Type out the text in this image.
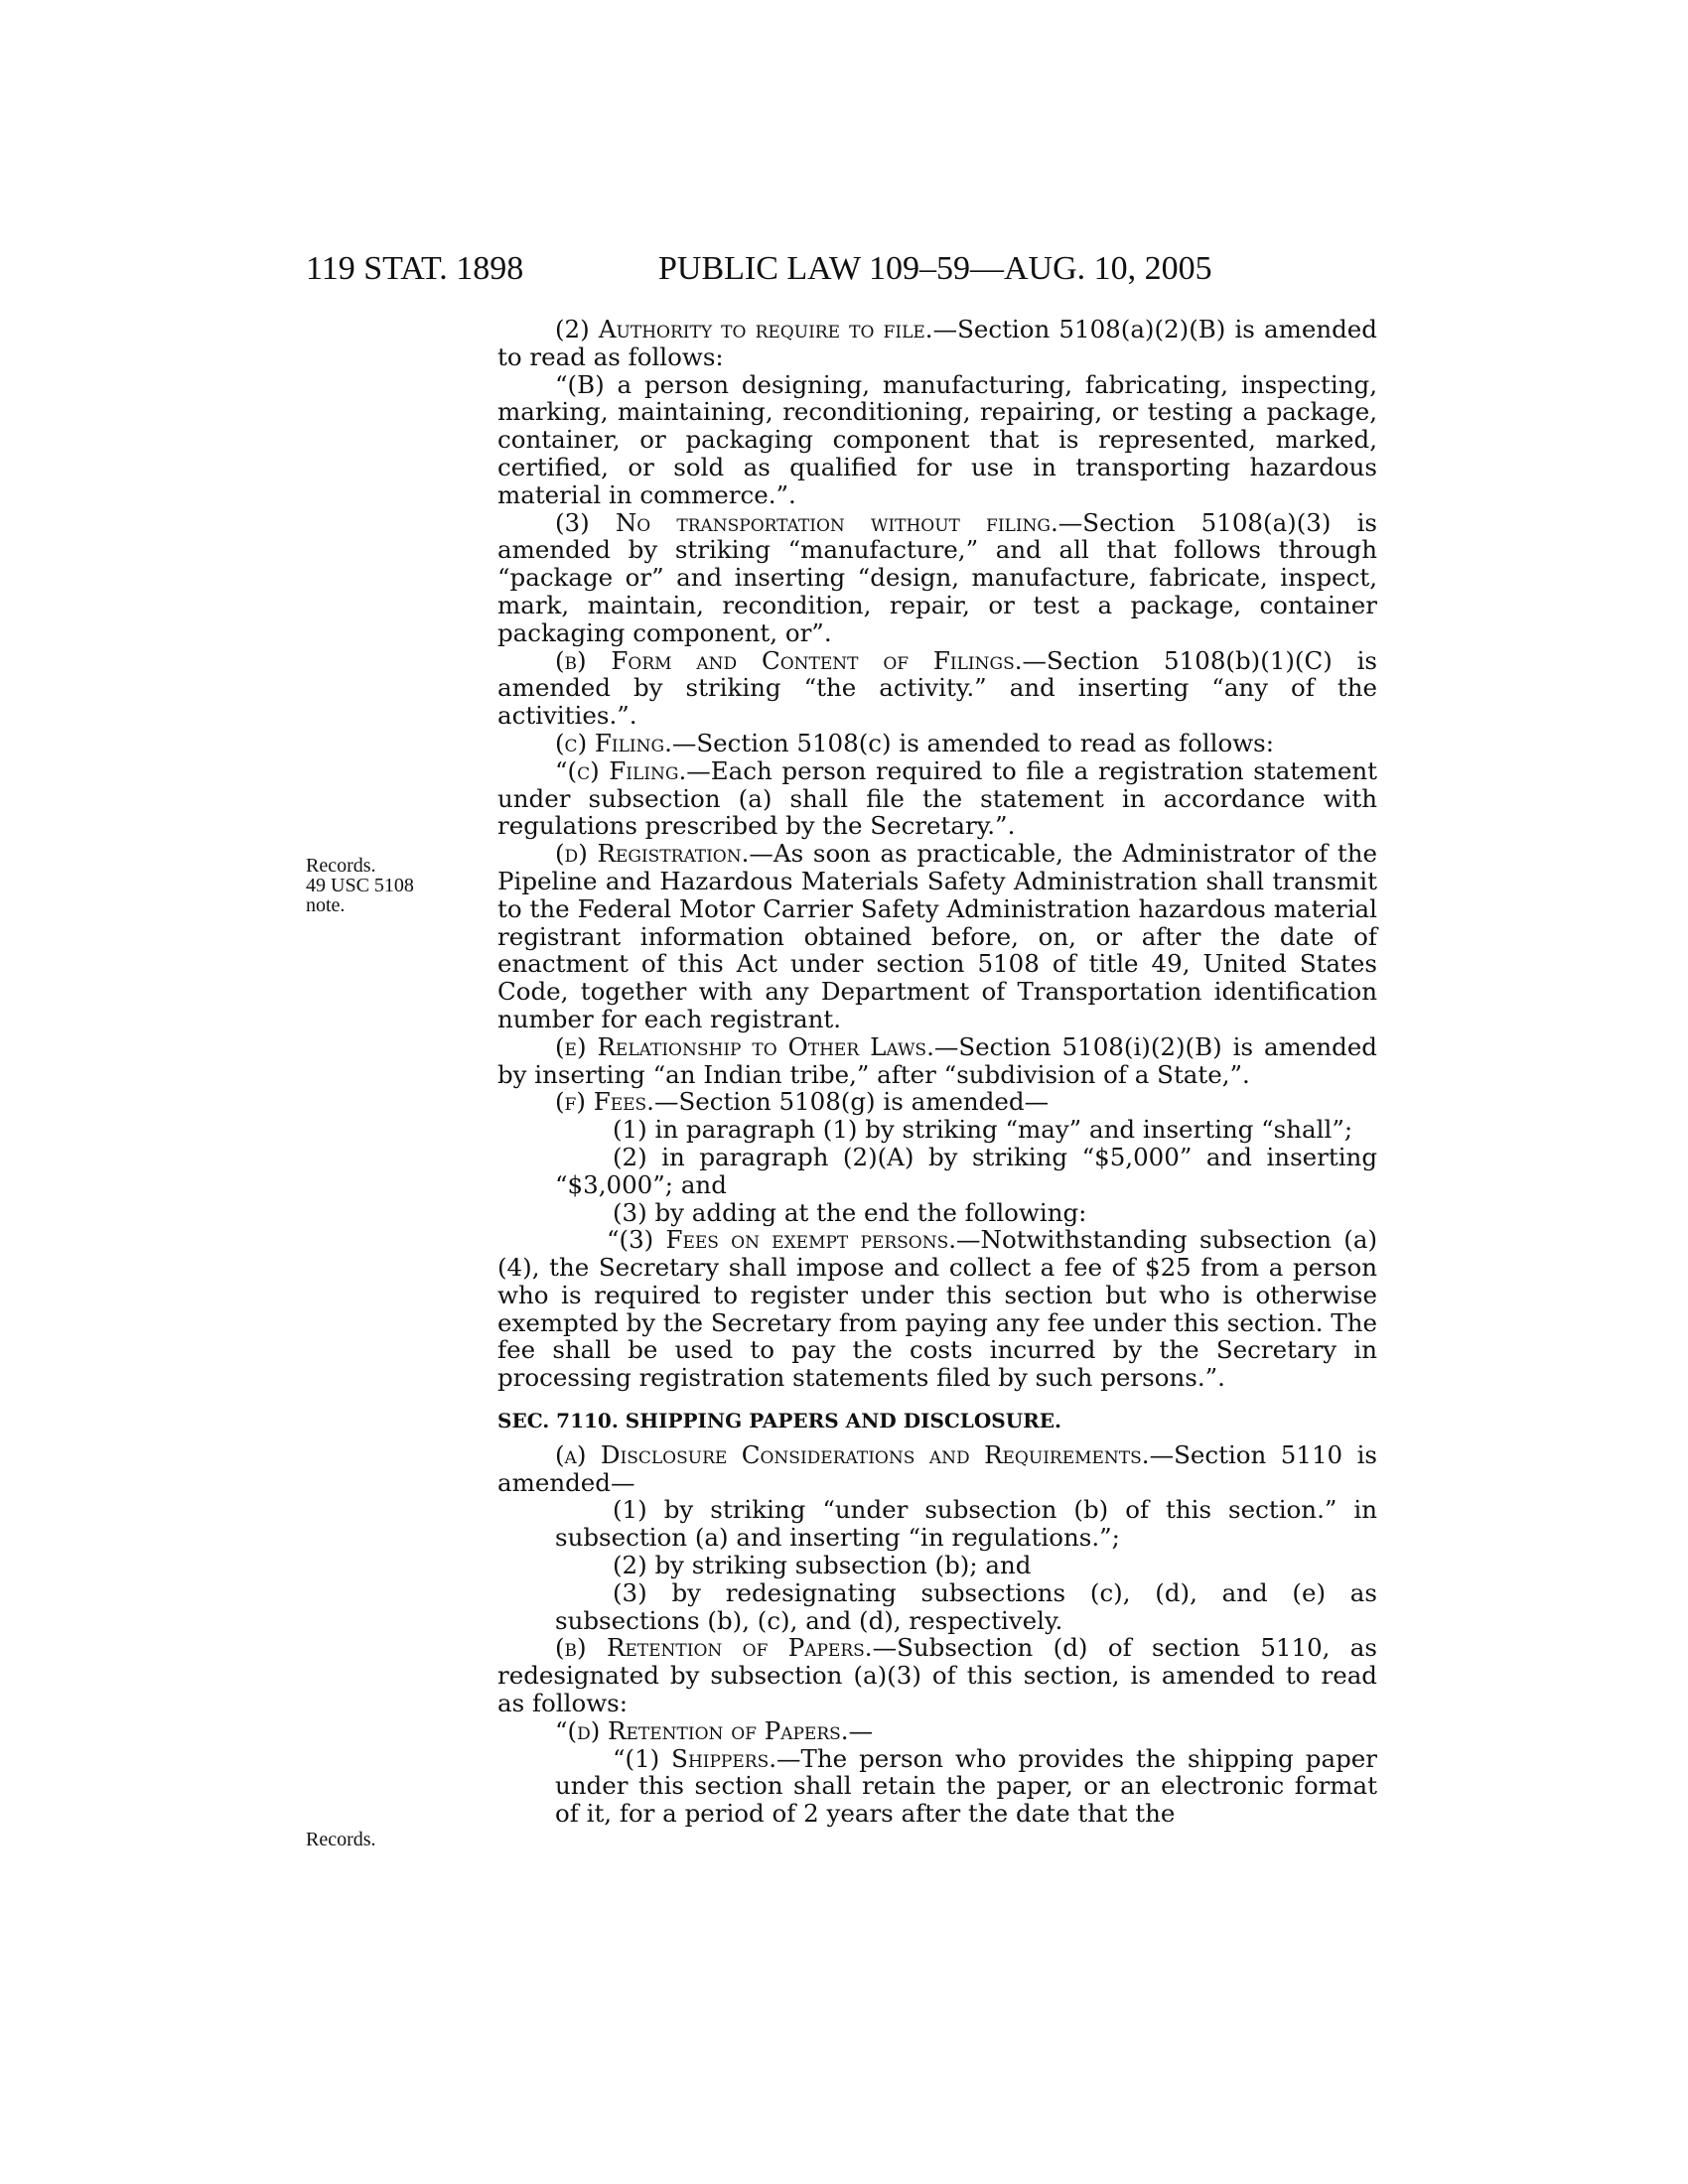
119 STAT. 1898	PUBLIC LAW 109–59—AUG. 10, 2005
Records.
49 USC 5108
note.
Records.

(2) Authority to require to file.—Section 5108(a)(2)(B) is amended to read as follows:

“(B) a person designing, manufacturing, fabricating, inspecting, marking, maintaining, reconditioning, repairing, or testing a package, container, or packaging component that is represented, marked, certified, or sold as qualified for use in transporting hazardous material in commerce.”.

(3) No transportation without filing.—Section 5108(a)(3) is amended by striking “manufacture,” and all that follows through “package or” and inserting “design, manufacture, fabricate, inspect, mark, maintain, recondition, repair, or test a package, container packaging component, or”.

(b) Form and Content of Filings.—Section 5108(b)(1)(C) is amended by striking “the activity.” and inserting “any of the activities.”.

(c) Filing.—Section 5108(c) is amended to read as follows:

“(c) Filing.—Each person required to file a registration statement under subsection (a) shall file the statement in accordance with regulations prescribed by the Secretary.”.

(d) Registration.—As soon as practicable, the Administrator of the Pipeline and Hazardous Materials Safety Administration shall transmit to the Federal Motor Carrier Safety Administration hazardous material registrant information obtained before, on, or after the date of enactment of this Act under section 5108 of title 49, United States Code, together with any Department of Transportation identification number for each registrant.

(e) Relationship to Other Laws.—Section 5108(i)(2)(B) is amended by inserting “an Indian tribe,” after “subdivision of a State,”.

(f) Fees.—Section 5108(g) is amended—

(1) in paragraph (1) by striking “may” and inserting “shall”;

(2) in paragraph (2)(A) by striking “$5,000” and inserting “$3,000”; and

(3) by adding at the end the following:

“(3) Fees on exempt persons.—Notwithstanding subsection (a)(4), the Secretary shall impose and collect a fee of $25 from a person who is required to register under this section but who is otherwise exempted by the Secretary from paying any fee under this section. The fee shall be used to pay the costs incurred by the Secretary in processing registration statements filed by such persons.”.

SEC. 7110. SHIPPING PAPERS AND DISCLOSURE.

(a) Disclosure Considerations and Requirements.—Section 5110 is amended—

(1) by striking “under subsection (b) of this section.” in subsection (a) and inserting “in regulations.”;

(2) by striking subsection (b); and

(3) by redesignating subsections (c), (d), and (e) as subsections (b), (c), and (d), respectively.

(b) Retention of Papers.—Subsection (d) of section 5110, as redesignated by subsection (a)(3) of this section, is amended to read as follows:

“(d) Retention of Papers.—

“(1) Shippers.—The person who provides the shipping paper under this section shall retain the paper, or an electronic format of it, for a period of 2 years after the date that the
